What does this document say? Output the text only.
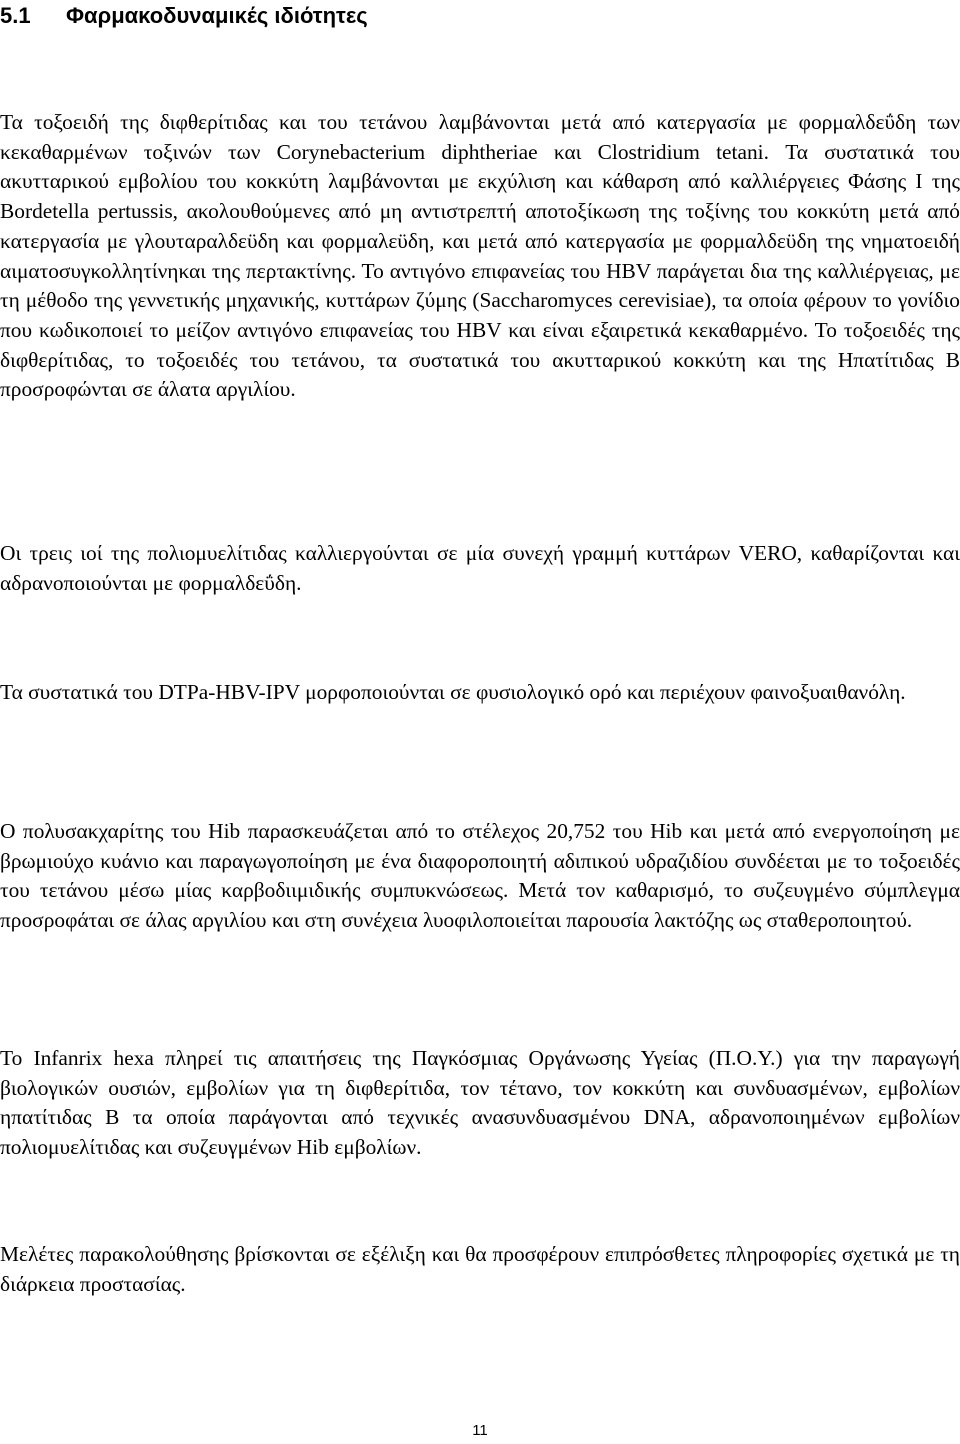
5.1 Φαρμακοδυναμικές ιδιότητες

Τα τοξοειδή της διφθερίτιδας και του τετάνου λαμβάνονται μετά από κατεργασία με φορμαλδεΰδη των κεκαθαρμένων τοξινών των Corynebacterium diphtheriae και Clostridium tetani. Τα συστατικά του ακυτταρικού εμβολίου του κοκκύτη λαμβάνονται με εκχύλιση και κάθαρση από καλλιέργειες Φάσης Ι της Bordetella pertussis, ακολουθούμενες από μη αντιστρεπτή αποτοξίκωση της τοξίνης του κοκκύτη μετά από κατεργασία με γλουταραλδεϋδη και φορμαλεϋδη, και μετά από κατεργασία με φορμαλδεϋδη της νηματοειδή αιματοσυγκολλητίνηκαι της περτακτίνης. Το αντιγόνο επιφανείας του HBV παράγεται δια της καλλιέργειας, με τη μέθοδο της γεννετικής μηχανικής, κυττάρων ζύμης (Saccharomyces cerevisiae), τα οποία φέρουν το γονίδιο που κωδικοποιεί το μείζον αντιγόνο επιφανείας του HBV και είναι εξαιρετικά κεκαθαρμένο. Το τοξοειδές της διφθερίτιδας, το τοξοειδές του τετάνου, τα συστατικά του ακυτταρικού κοκκύτη και της Ηπατίτιδας Β προσροφώνται σε άλατα αργιλίου.

Οι τρεις ιοί της πολιομυελίτιδας καλλιεργούνται σε μία συνεχή γραμμή κυττάρων VERO, καθαρίζονται και αδρανοποιούνται με φορμαλδεΰδη.

Τα συστατικά του DTPa-HBV-IPV μορφοποιούνται σε φυσιολογικό ορό και περιέχουν φαινοξυαιθανόλη.

Ο πολυσακχαρίτης του Hib παρασκευάζεται από το στέλεχος 20,752 του Hib και μετά από ενεργοποίηση με βρωμιούχο κυάνιο και παραγωγοποίηση με ένα διαφοροποιητή αδιπικού υδραζιδίου συνδέεται με το τοξοειδές του τετάνου μέσω μίας καρβοδιιμιδικής συμπυκνώσεως. Μετά τον καθαρισμό, το συζευγμένο σύμπλεγμα προσροφάται σε άλας αργιλίου και στη συνέχεια λυοφιλοποιείται παρουσία λακτόζης ως σταθεροποιητού.

Το Infanrix hexa πληρεί τις απαιτήσεις της Παγκόσμιας Οργάνωσης Υγείας (Π.Ο.Υ.) για την παραγωγή βιολογικών ουσιών, εμβολίων για τη διφθερίτιδα, τον τέτανο, τον κοκκύτη και συνδυασμένων, εμβολίων ηπατίτιδας Β τα οποία παράγονται από τεχνικές ανασυνδυασμένου DNA, αδρανοποιημένων εμβολίων πολιομυελίτιδας και συζευγμένων Hib εμβολίων.

Μελέτες παρακολούθησης βρίσκονται σε εξέλιξη και θα προσφέρουν επιπρόσθετες πληροφορίες σχετικά με τη διάρκεια προστασίας.

11
